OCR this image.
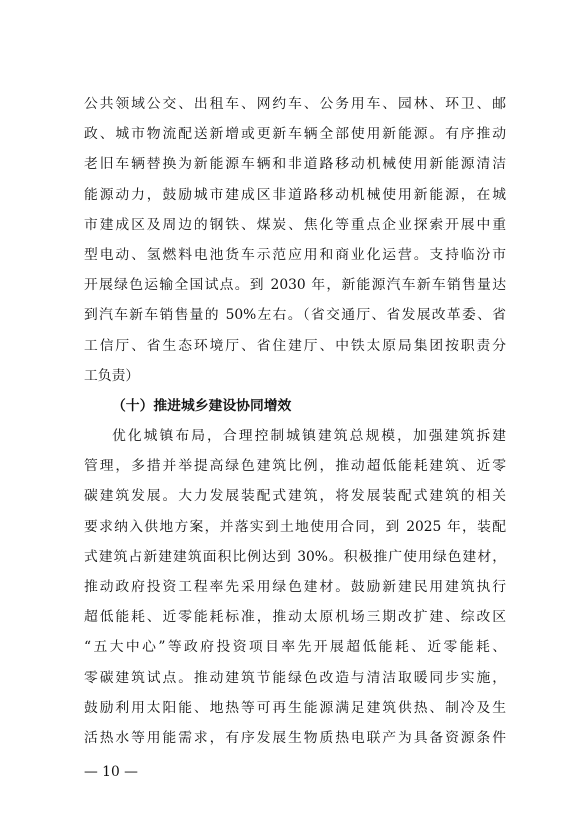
公共领域公交、出租车、网约车、公务用车、园林、环卫、邮
政、城市物流配送新增或更新车辆全部使用新能源。有序推动
老旧车辆替换为新能源车辆和非道路移动机械使用新能源清洁
能源动力，鼓励城市建成区非道路移动机械使用新能源，在城
市建成区及周边的钢铁、煤炭、焦化等重点企业探索开展中重
型电动、氢燃料电池货车示范应用和商业化运营。支持临汾市
开展绿色运输全国试点。到 2030 年，新能源汽车新车销售量达
到汽车新车销售量的 50%左右。（省交通厅、省发展改革委、省
工信厅、省生态环境厅、省住建厅、中铁太原局集团按职责分
工负责）
（十）推进城乡建设协同增效
优化城镇布局，合理控制城镇建筑总规模，加强建筑拆建
管理，多措并举提高绿色建筑比例，推动超低能耗建筑、近零
碳建筑发展。大力发展装配式建筑，将发展装配式建筑的相关
要求纳入供地方案，并落实到土地使用合同，到 2025 年，装配
式建筑占新建建筑面积比例达到 30%。积极推广使用绿色建材，
推动政府投资工程率先采用绿色建材。鼓励新建民用建筑执行
超低能耗、近零能耗标准，推动太原机场三期改扩建、综改区
“五大中心”等政府投资项目率先开展超低能耗、近零能耗、
零碳建筑试点。推动建筑节能绿色改造与清洁取暖同步实施，
鼓励利用太阳能、地热等可再生能源满足建筑供热、制冷及生
活热水等用能需求，有序发展生物质热电联产为具备资源条件
— 10 —
